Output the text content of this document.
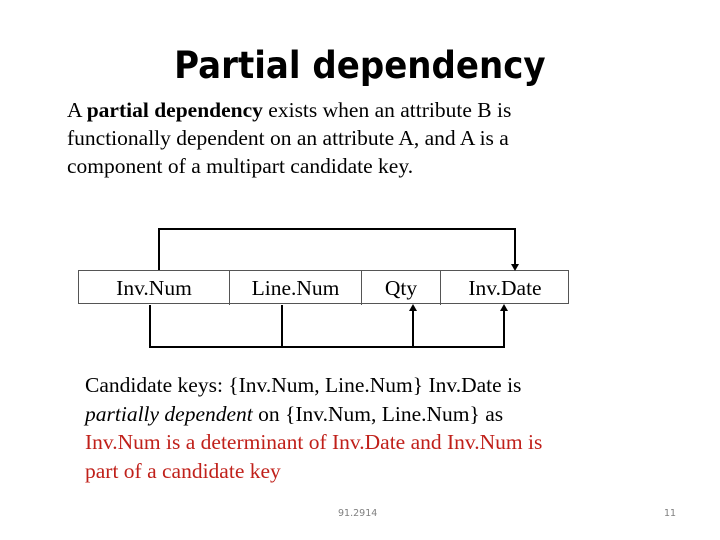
Partial dependency
A partial dependency exists when an attribute B is
functionally dependent on an attribute A, and A is a
component of a multipart candidate key.
Inv.Num	Line.Num	Qty	Inv.Date
Candidate keys: {Inv.Num, Line.Num} Inv.Date is
partially dependent on {Inv.Num, Line.Num} as
Inv.Num is a determinant of Inv.Date and Inv.Num is
part of a candidate key
91.2914	11
